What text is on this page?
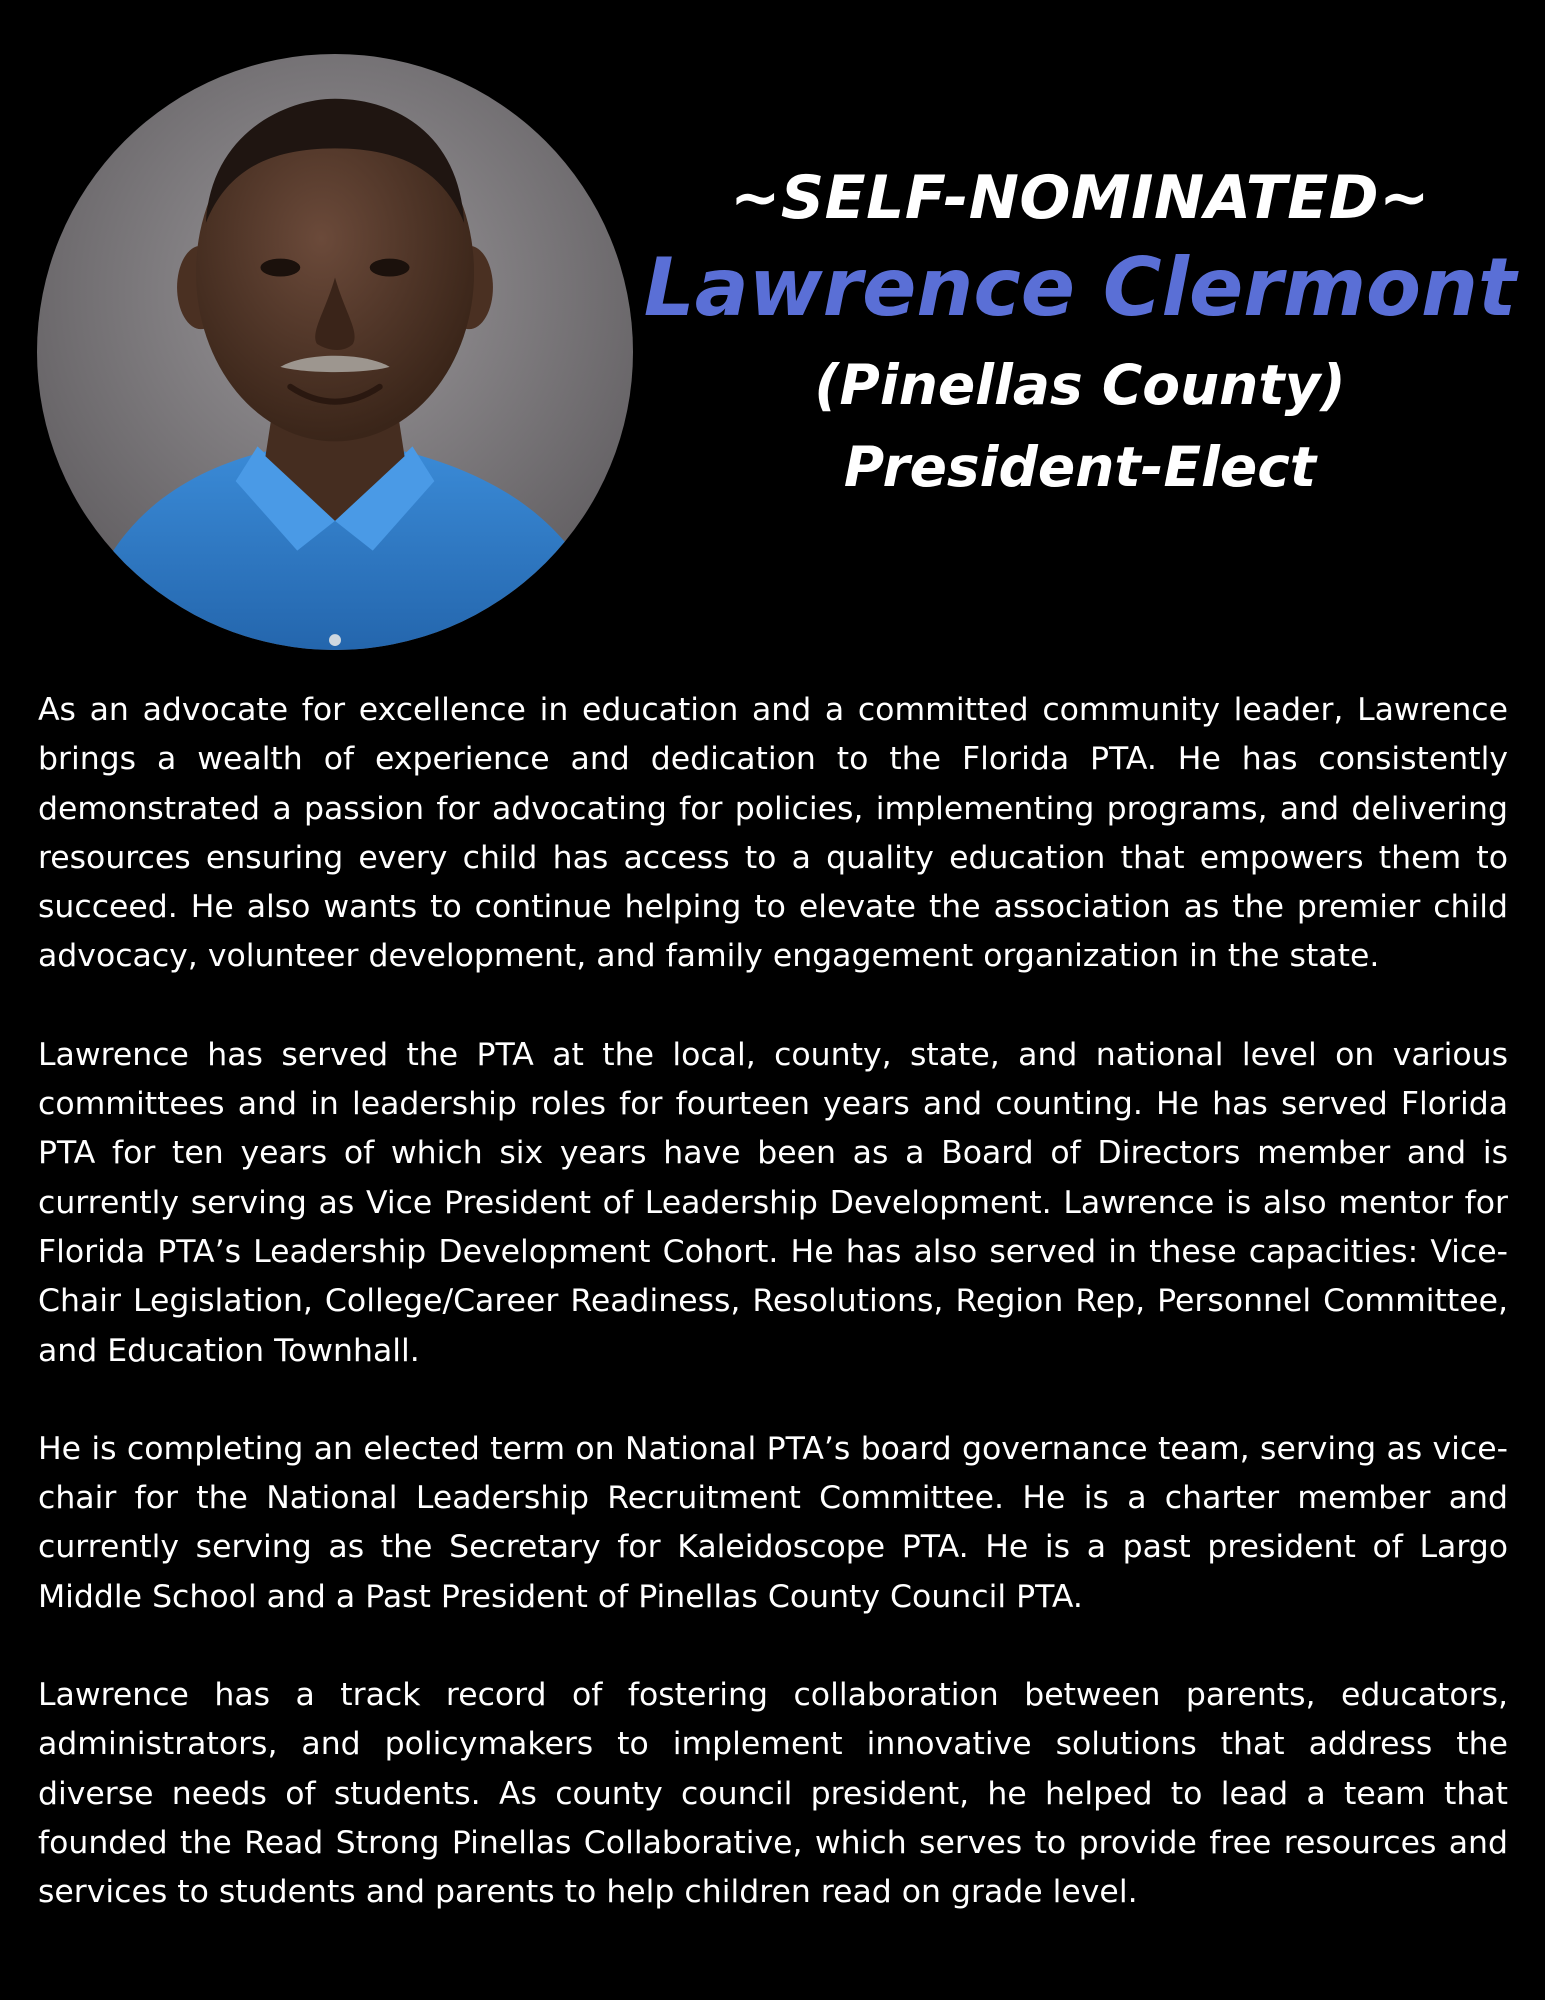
~SELF-NOMINATED~

Lawrence Clermont

(Pinellas County)

President-Elect

As an advocate for excellence in education and a committed community leader, Lawrence brings a wealth of experience and dedication to the Florida PTA. He has consistently demonstrated a passion for advocating for policies, implementing programs, and delivering resources ensuring every child has access to a quality education that empowers them to succeed. He also wants to continue helping to elevate the association as the premier child advocacy, volunteer development, and family engagement organization in the state.

Lawrence has served the PTA at the local, county, state, and national level on various committees and in leadership roles for fourteen years and counting. He has served Florida PTA for ten years of which six years have been as a Board of Directors member and is currently serving as Vice President of Leadership Development. Lawrence is also mentor for Florida PTA’s Leadership Development Cohort. He has also served in these capacities: Vice-Chair Legislation, College/Career Readiness, Resolutions, Region Rep, Personnel Committee, and Education Townhall.

He is completing an elected term on National PTA’s board governance team, serving as vice-chair for the National Leadership Recruitment Committee. He is a charter member and currently serving as the Secretary for Kaleidoscope PTA. He is a past president of Largo Middle School and a Past President of Pinellas County Council PTA.

Lawrence has a track record of fostering collaboration between parents, educators, administrators, and policymakers to implement innovative solutions that address the diverse needs of students. As county council president, he helped to lead a team that founded the Read Strong Pinellas Collaborative, which serves to provide free resources and services to students and parents to help children read on grade level.
